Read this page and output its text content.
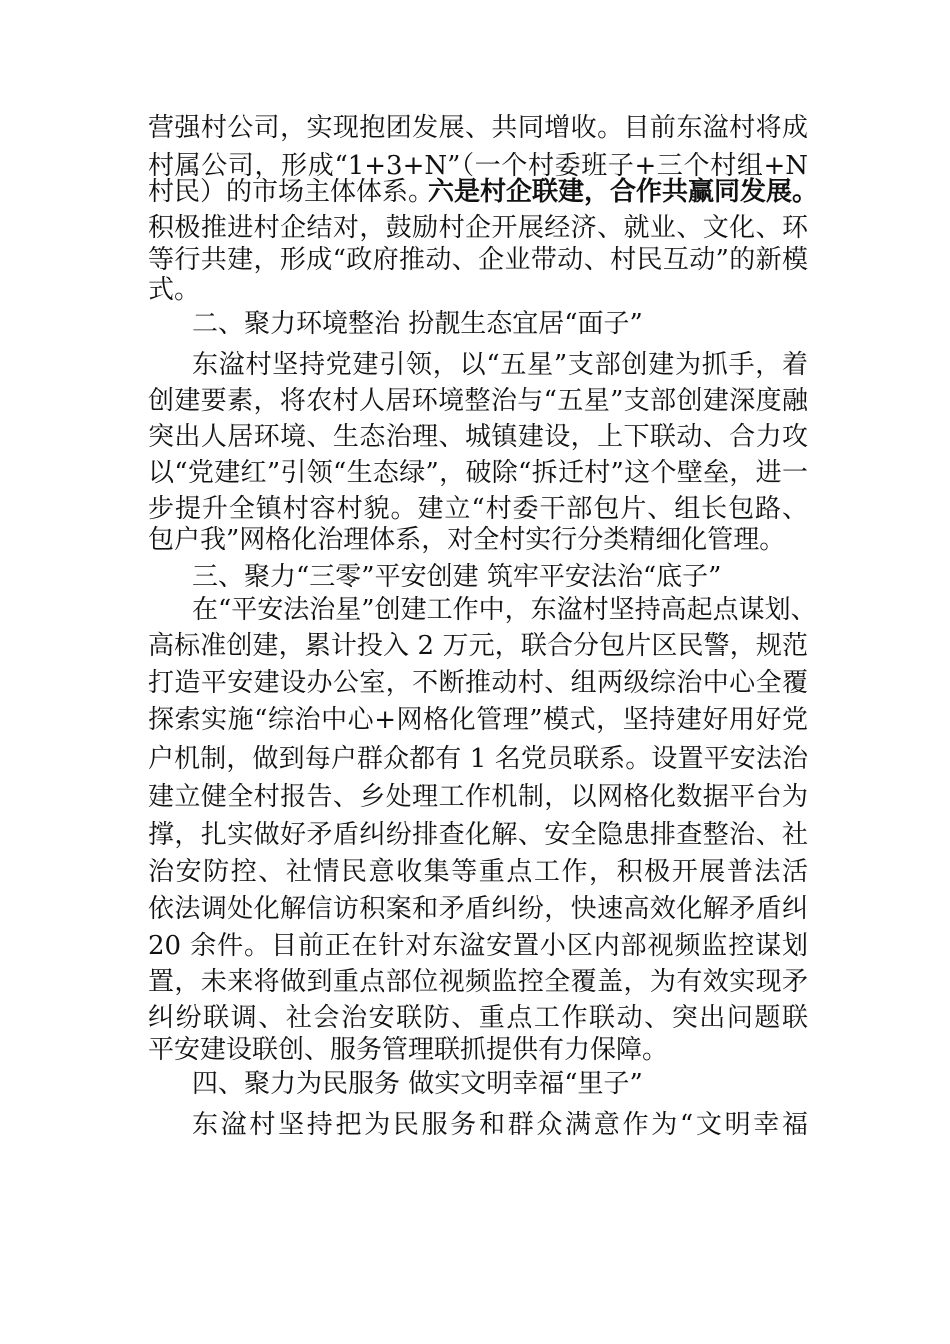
营强村公司，实现抱团发展、共同增收。目前东湓村将成
村属公司，形成“1+3+N”（一个村委班子+三个村组+N
村民）的市场主体体系。
六是村企联建，合作共赢同发展。
积极推进村企结对，鼓励村企开展经济、就业、文化、环
等行共建，形成“政府推动、企业带动、村民互动”的新模
式。
二、聚力环境整治 扮靓生态宜居“面子”
东湓村坚持党建引领，以“五星”支部创建为抓手，着
创建要素，将农村人居环境整治与“五星”支部创建深度融
突出人居环境、生态治理、城镇建设，上下联动、合力攻
以“党建红”引领“生态绿”，破除“拆迁村”这个壁垒，进一
步提升全镇村容村貌。建立“村委干部包片、组长包路、
包户我”网格化治理体系，对全村实行分类精细化管理。
三、聚力“三零”平安创建 筑牢平安法治“底子”
在“平安法治星”创建工作中，东湓村坚持高起点谋划、
高标准创建，累计投入 2 万元，联合分包片区民警，规范
打造平安建设办公室，不断推动村、组两级综治中心全覆
探索实施“综治中心+网格化管理”模式，坚持建好用好党
户机制，做到每户群众都有 1 名党员联系。设置平安法治
建立健全村报告、乡处理工作机制，以网格化数据平台为
撑，扎实做好矛盾纠纷排查化解、安全隐患排查整治、社
治安防控、社情民意收集等重点工作，积极开展普法活
依法调处化解信访积案和矛盾纠纷，快速高效化解矛盾纠
20 余件。目前正在针对东湓安置小区内部视频监控谋划
置，未来将做到重点部位视频监控全覆盖，为有效实现矛
纠纷联调、社会治安联防、重点工作联动、突出问题联
平安建设联创、服务管理联抓提供有力保障。
四、聚力为民服务 做实文明幸福“里子”
东湓村坚持把为民服务和群众满意作为“文明幸福
